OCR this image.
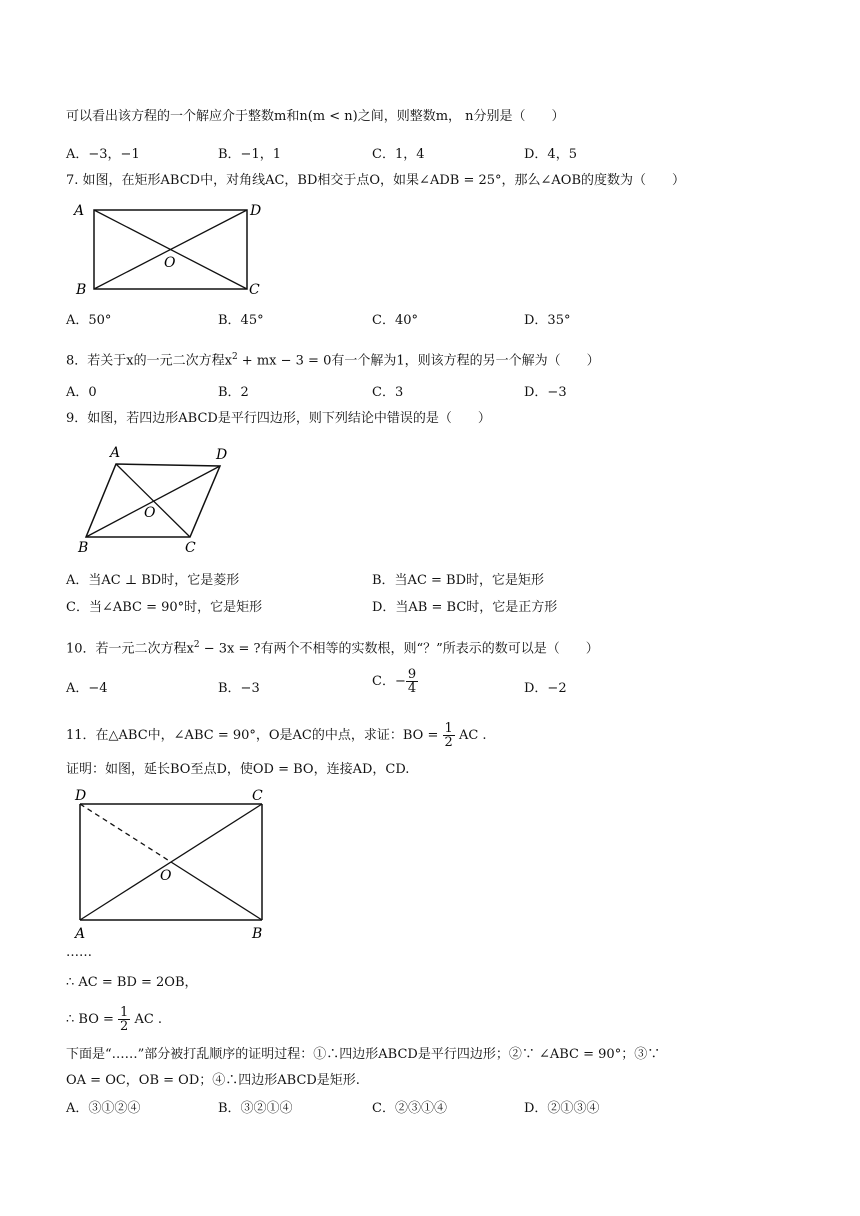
可以看出该方程的一个解应介于整数m和n(m < n)之间，则整数m， n分别是（　　）
A．−3，−1	B．−1，1	C．1，4	D．4，5
7. 如图，在矩形ABCD中，对角线AC，BD相交于点O，如果∠ADB = 25°，那么∠AOB的度数为（　　）
A	D
B	C
O
A．50°	B．45°	C．40°	D．35°
8．若关于x的一元二次方程$x^2$ + mx − 3 = 0有一个解为1，则该方程的另一个解为（　　）
A．0	B．2	C．3	D．−3
9．如图，若四边形ABCD是平行四边形，则下列结论中错误的是（　　）
A	D
B	C
O
A．当AC ⊥ BD时，它是菱形	B．当AC = BD时，它是矩形
C．当∠ABC = 90°时，它是矩形	D．当AB = BC时，它是正方形
10．若一元二次方程$x^2 - 3x$ = ?有两个不相等的实数根，则“？”所表示的数可以是（　　）
A．−4	B．−3	C．− $\frac{9}{4}$	D．−2
11．在△ABC中，∠ABC = 90°，O是AC的中点，求证：BO = $\frac{1}{2}$ AC .
证明：如图，延长BO至点D，使OD = BO，连接AD，CD.
D	C
A	B
O
……
∴ AC = BD = 2OB，
∴ BO = $\frac{1}{2}$ AC .
下面是“……”部分被打乱顺序的证明过程：①∴四边形ABCD是平行四边形；②∵ ∠ABC = 90°；③∵
OA = OC，OB = OD；④∴四边形ABCD是矩形.
A．③①②④	B．③②①④	C．②③①④	D．②①③④
